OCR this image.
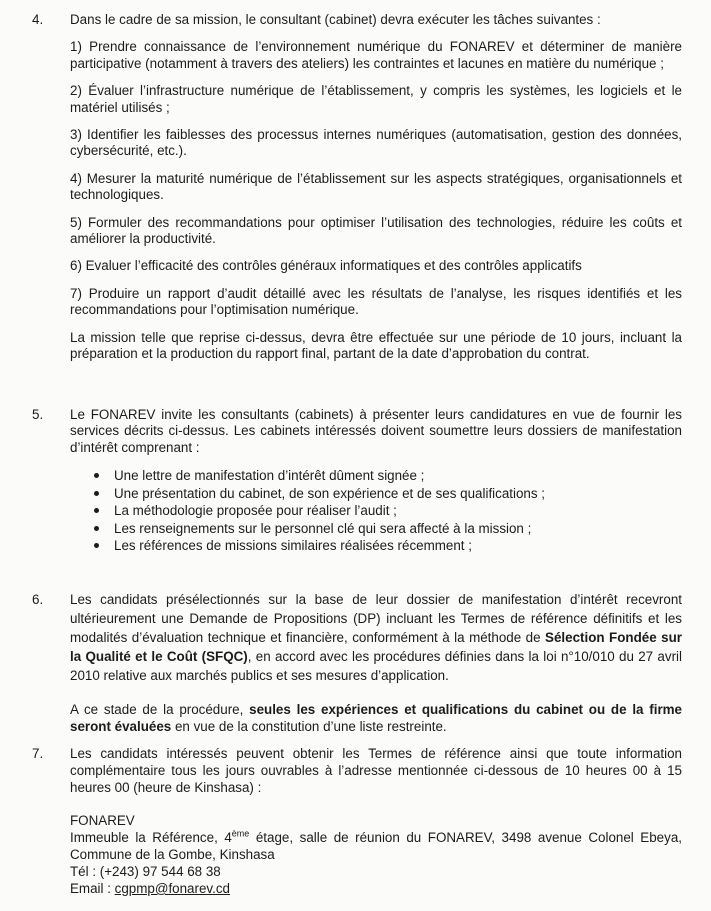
4.	Dans le cadre de sa mission, le consultant (cabinet) devra exécuter les tâches suivantes :

1) Prendre connaissance de l’environnement numérique du FONAREV et déterminer de manière participative (notamment à travers des ateliers) les contraintes et lacunes en matière du numérique ;

2) Évaluer l’infrastructure numérique de l’établissement, y compris les systèmes, les logiciels et le matériel utilisés ;

3) Identifier les faiblesses des processus internes numériques (automatisation, gestion des données, cybersécurité, etc.).

4) Mesurer la maturité numérique de l’établissement sur les aspects stratégiques, organisationnels et technologiques.

5) Formuler des recommandations pour optimiser l’utilisation des technologies, réduire les coûts et améliorer la productivité.

6) Evaluer l’efficacité des contrôles généraux informatiques et des contrôles applicatifs

7) Produire un rapport d’audit détaillé avec les résultats de l’analyse, les risques identifiés et les recommandations pour l’optimisation numérique.

La mission telle que reprise ci-dessus, devra être effectuée sur une période de 10 jours, incluant la préparation et la production du rapport final, partant de la date d’approbation du contrat.

5.	Le FONAREV invite les consultants (cabinets) à présenter leurs candidatures en vue de fournir les services décrits ci-dessus. Les cabinets intéressés doivent soumettre leurs dossiers de manifestation d’intérêt comprenant :

Une lettre de manifestation d’intérêt dûment signée ;
Une présentation du cabinet, de son expérience et de ses qualifications ;
La méthodologie proposée pour réaliser l’audit ;
Les renseignements sur le personnel clé qui sera affecté à la mission ;
Les références de missions similaires réalisées récemment ;
6.	Les candidats présélectionnés sur la base de leur dossier de manifestation d’intérêt recevront ultérieurement une Demande de Propositions (DP) incluant les Termes de référence définitifs et les modalités d’évaluation technique et financière, conformément à la méthode de Sélection Fondée sur la Qualité et le Coût (SFQC), en accord avec les procédures définies dans la loi n°10/010 du 27 avril 2010 relative aux marchés publics et ses mesures d’application.

A ce stade de la procédure, seules les expériences et qualifications du cabinet ou de la firme seront évaluées en vue de la constitution d’une liste restreinte.

7.	Les candidats intéressés peuvent obtenir les Termes de référence ainsi que toute information complémentaire tous les jours ouvrables à l’adresse mentionnée ci-dessous de 10 heures 00 à 15 heures 00 (heure de Kinshasa) :

FONAREV

Immeuble la Référence, 4ème étage, salle de réunion du FONAREV, 3498 avenue Colonel Ebeya, Commune de la Gombe, Kinshasa

Tél : (+243) 97 544 68 38
Email : cgpmp@fonarev.cd
